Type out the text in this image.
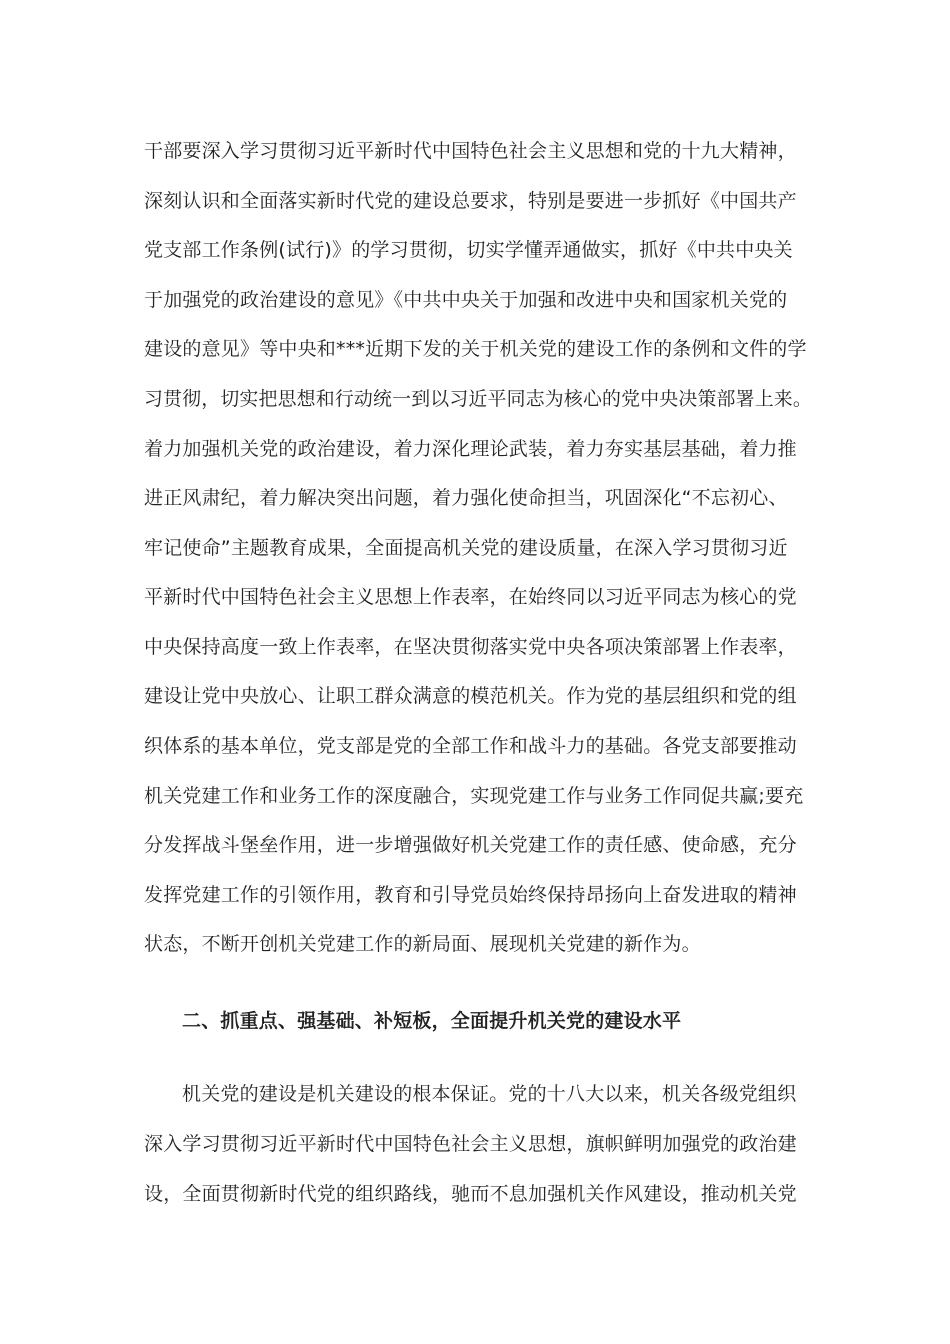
干部要深入学习贯彻习近平新时代中国特色社会主义思想和党的十九大精神，
深刻认识和全面落实新时代党的建设总要求，特别是要进一步抓好《中国共产
党支部工作条例(试行)》的学习贯彻，切实学懂弄通做实，抓好《中共中央关
于加强党的政治建设的意见》《中共中央关于加强和改进中央和国家机关党的
建设的意见》等中央和***近期下发的关于机关党的建设工作的条例和文件的学
习贯彻，切实把思想和行动统一到以习近平同志为核心的党中央决策部署上来。
着力加强机关党的政治建设，着力深化理论武装，着力夯实基层基础，着力推
进正风肃纪，着力解决突出问题，着力强化使命担当，巩固深化“不忘初心、
牢记使命”主题教育成果，全面提高机关党的建设质量，在深入学习贯彻习近
平新时代中国特色社会主义思想上作表率，在始终同以习近平同志为核心的党
中央保持高度一致上作表率，在坚决贯彻落实党中央各项决策部署上作表率，
建设让党中央放心、让职工群众满意的模范机关。作为党的基层组织和党的组
织体系的基本单位，党支部是党的全部工作和战斗力的基础。各党支部要推动
机关党建工作和业务工作的深度融合，实现党建工作与业务工作同促共赢;要充
分发挥战斗堡垒作用，进一步增强做好机关党建工作的责任感、使命感，充分
发挥党建工作的引领作用，教育和引导党员始终保持昂扬向上奋发进取的精神
状态，不断开创机关党建工作的新局面、展现机关党建的新作为。
二、抓重点、强基础、补短板，全面提升机关党的建设水平
机关党的建设是机关建设的根本保证。党的十八大以来，机关各级党组织
深入学习贯彻习近平新时代中国特色社会主义思想，旗帜鲜明加强党的政治建
设，全面贯彻新时代党的组织路线，驰而不息加强机关作风建设，推动机关党
